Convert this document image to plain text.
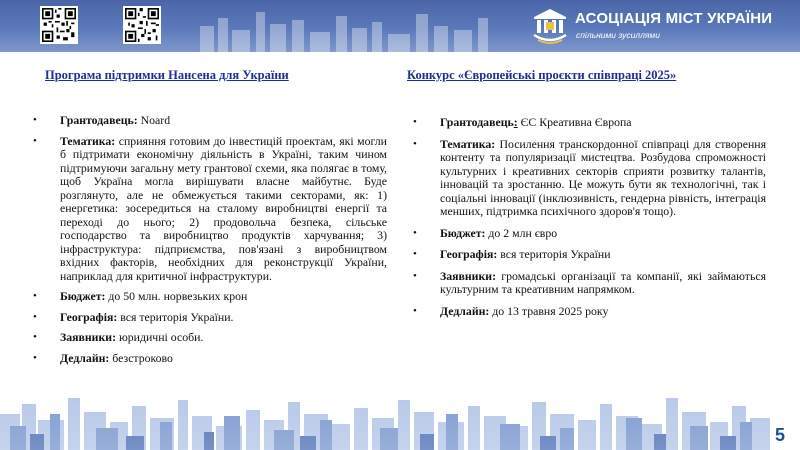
АСОЦІАЦІЯ МІСТ УКРАЇНИ
спільними зусиллями
Програма підтримки Нансена для України
• Грантодавець: Noard
• Тематика: сприяння готовим до інвестицій проектам, які могли б підтримати економічну діяльність в Україні, таким чином підтримуючи загальну мету грантової схеми, яка полягає в тому, щоб Україна могла вирішувати власне майбутнє. Буде розглянуто, але не обмежується такими секторами, як: 1) енергетика: зосередиться на сталому виробництві енергії та переході до нього; 2) продовольча безпека, сільське господарство та виробництво продуктів харчування; 3) інфраструктура: підприємства, пов'язані з виробництвом вхідних факторів, необхідних для реконструкції України, наприклад для критичної інфраструктури.
• Бюджет: до 50 млн. норвезьких крон
• Географія: вся територія України.
• Заявники: юридичні особи.
• Дедлайн: безстроково
Конкурс «Європейські проєкти співпраці 2025»
• Грантодавець: ЄС Креативна Європа
• Тематика: Посилення транскордонної співпраці для створення контенту та популяризації мистецтва. Розбудова спроможності культурних і креативних секторів сприяти розвитку талантів, інновацій та зростанню. Це можуть бути як технологічні, так і соціальні інновації (інклюзивність, гендерна рівність, інтеграція менших, підтримка психічного здоров'я тощо).
• Бюджет: до 2 млн євро
• Географія: вся територія України
• Заявники: громадські організації та компанії, які займаються культурним та креативним напрямком.
• Дедлайн: до 13 травня 2025 року
5
